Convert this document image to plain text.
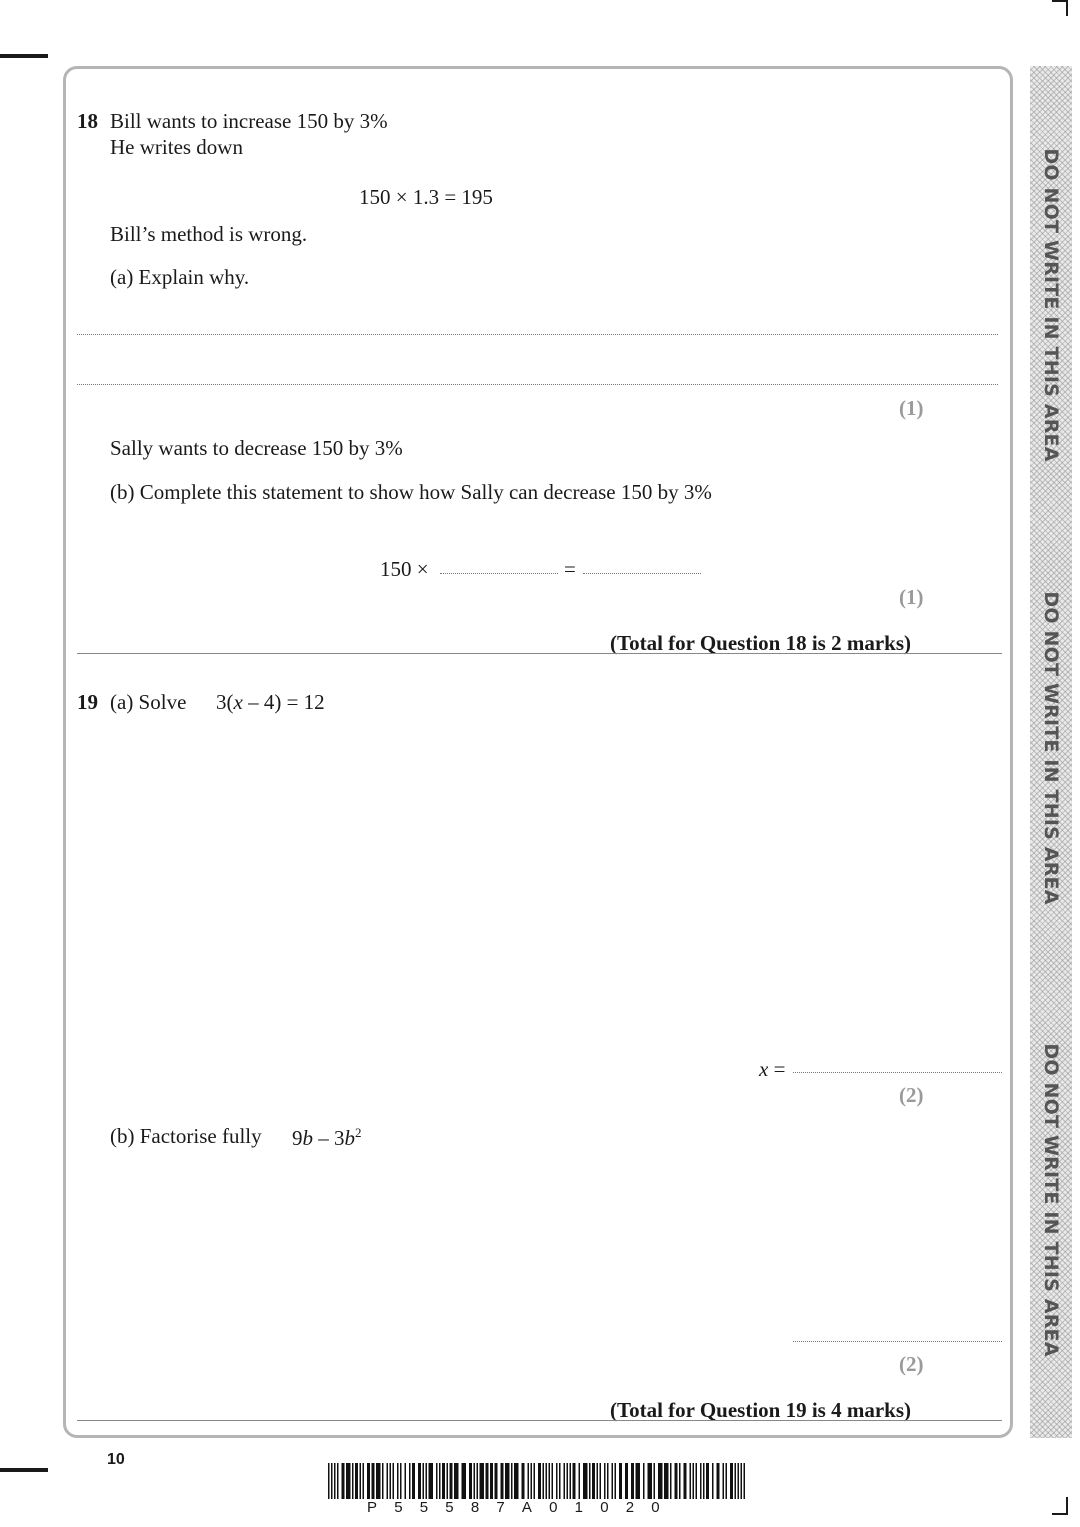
DO NOT WRITE IN THIS AREA
DO NOT WRITE IN THIS AREA
DO NOT WRITE IN THIS AREA
18 Bill wants to increase 150 by 3%
He writes down
150 × 1.3 = 195
Bill’s method is wrong.
(a) Explain why.
(1)
Sally wants to decrease 150 by 3%
(b) Complete this statement to show how Sally can decrease 150 by 3%
150 ×	=
(1)
(Total for Question 18 is 2 marks)
19 (a) Solve 3(x – 4) = 12
x =
(2)
(b) Factorise fully $9b - 3b^2$
(2)
(Total for Question 19 is 4 marks)
10
P55587A01020
